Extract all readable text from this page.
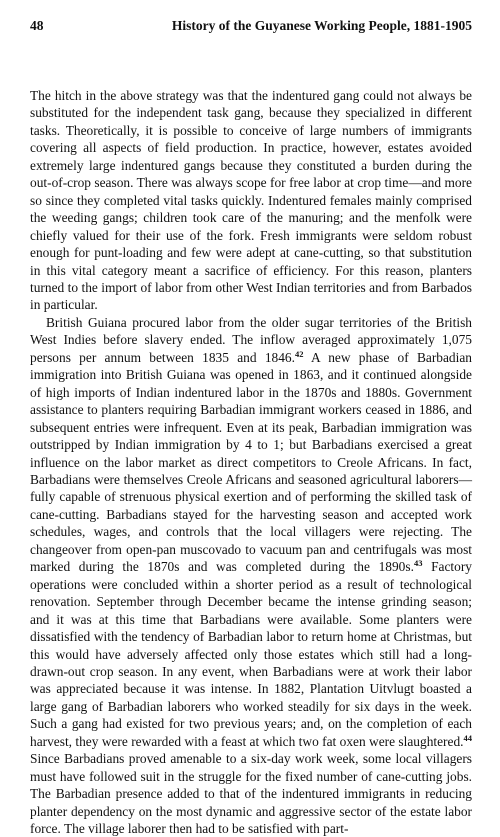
48	History of the Guyanese Working People, 1881-1905

The hitch in the above strategy was that the indentured gang could not always be substituted for the independent task gang, because they specialized in different tasks. Theoretically, it is possible to conceive of large numbers of immigrants covering all aspects of field production. In practice, however, estates avoided extremely large indentured gangs because they constituted a burden during the out-of-crop season. There was always scope for free labor at crop time—and more so since they completed vital tasks quickly. Indentured females mainly comprised the weeding gangs; children took care of the manuring; and the menfolk were chiefly valued for their use of the fork. Fresh immigrants were seldom robust enough for punt-loading and few were adept at cane-cutting, so that substitution in this vital category meant a sacrifice of efficiency. For this reason, planters turned to the import of labor from other West Indian territories and from Barbados in particular.

British Guiana procured labor from the older sugar territories of the British West Indies before slavery ended. The inflow averaged approximately 1,075 persons per annum between 1835 and 1846.42 A new phase of Barbadian immigration into British Guiana was opened in 1863, and it continued alongside of high imports of Indian indentured labor in the 1870s and 1880s. Government assistance to planters requiring Barbadian immigrant workers ceased in 1886, and subsequent entries were infrequent. Even at its peak, Barbadian immigration was outstripped by Indian immigration by 4 to 1; but Barbadians exercised a great influence on the labor market as direct competitors to Creole Africans. In fact, Barbadians were themselves Creole Africans and seasoned agricultural laborers—fully capable of strenuous physical exertion and of performing the skilled task of cane-cutting. Barbadians stayed for the harvesting season and accepted work schedules, wages, and controls that the local villagers were rejecting. The changeover from open-pan muscovado to vacuum pan and centrifugals was most marked during the 1870s and was completed during the 1890s.$^{43}$ Factory operations were concluded within a shorter period as a result of technological renovation. September through December became the intense grinding season; and it was at this time that Barbadians were available. Some planters were dissatisfied with the tendency of Barbadian labor to return home at Christmas, but this would have adversely affected only those estates which still had a long-drawn-out crop season. In any event, when Barbadians were at work their labor was appreciated because it was intense. In 1882, Plantation Uitvlugt boasted a large gang of Barbadian laborers who worked steadily for six days in the week. Such a gang had existed for two previous years; and, on the completion of each harvest, they were rewarded with a feast at which two fat oxen were slaughtered.$^{44}$ Since Barbadians proved amenable to a six-day work week, some local villagers must have followed suit in the struggle for the fixed number of cane-cutting jobs. The Barbadian presence added to that of the indentured immigrants in reducing planter dependency on the most dynamic and aggressive sector of the estate labor force. The village laborer then had to be satisfied with part-
